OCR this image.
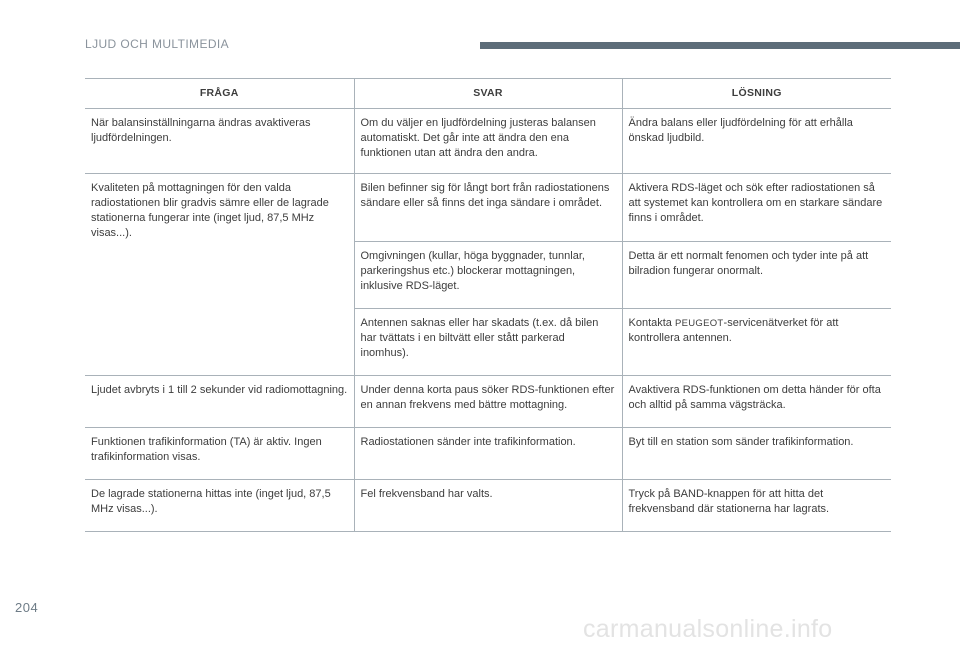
LJUD OCH MULTIMEDIA
FRÅGA	SVAR	LÖSNING
När balansinställningarna ändras avaktiveras ljudfördelningen.	Om du väljer en ljudfördelning justeras balansen automatiskt. Det går inte att ändra den ena funktionen utan att ändra den andra.	Ändra balans eller ljudfördelning för att erhålla önskad ljudbild.
Kvaliteten på mottagningen för den valda radiostationen blir gradvis sämre eller de lagrade stationerna fungerar inte (inget ljud, 87,5 MHz visas...).	Bilen befinner sig för långt bort från radiostationens sändare eller så finns det inga sändare i området.	Aktivera RDS-läget och sök efter radiostationen så att systemet kan kontrollera om en starkare sändare finns i området.
	Omgivningen (kullar, höga byggnader, tunnlar, parkeringshus etc.) blockerar mottagningen, inklusive RDS-läget.	Detta är ett normalt fenomen och tyder inte på att bilradion fungerar onormalt.
	Antennen saknas eller har skadats (t.ex. då bilen har tvättats i en biltvätt eller stått parkerad inomhus).	Kontakta PEUGEOT-servicenätverket för att kontrollera antennen.
Ljudet avbryts i 1 till 2 sekunder vid radiomottagning.	Under denna korta paus söker RDS-funktionen efter en annan frekvens med bättre mottagning.	Avaktivera RDS-funktionen om detta händer för ofta och alltid på samma vägsträcka.
Funktionen trafikinformation (TA) är aktiv. Ingen trafikinformation visas.	Radiostationen sänder inte trafikinformation.	Byt till en station som sänder trafikinformation.
De lagrade stationerna hittas inte (inget ljud, 87,5 MHz visas...).	Fel frekvensband har valts.	Tryck på BAND-knappen för att hitta det frekvensband där stationerna har lagrats.
204
carmanualsonline.info
